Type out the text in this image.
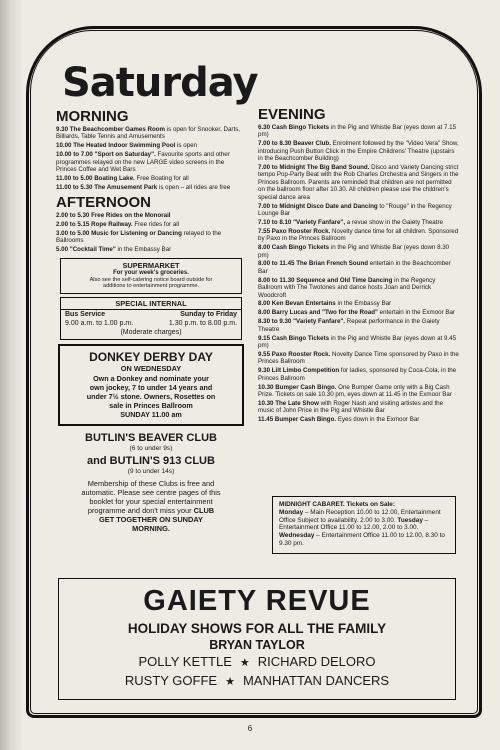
Saturday
MORNING
9.30 The Beachcomber Games Room is open for Snooker, Darts, Billiards, Table Tennis and Amusements
10.00 The Heated Indoor Swimming Pool is open
10.00 to 7.00 "Sport on Saturday". Favourite sports and other programmes relayed on the new LARGE video screens in the Princes Coffee and Wet Bars
11.00 to 5.00 Boating Lake. Free Boating for all
11.00 to 5.30 The Amusement Park is open – all rides are free
AFTERNOON
2.00 to 5.30 Free Rides on the Monorail
2.00 to 5.15 Rope Railway. Free rides for all
3.00 to 5.00 Music for Listening or Dancing relayed to the Ballrooms
5.00 "Cocktail Time" in the Embassy Bar
SUPERMARKET
For your week's groceries.
Also see the self-catering notice board outside for
additions to entertainment programme.
SPECIAL INTERNAL
Bus Service	Sunday to Friday
9.00 a.m. to 1.00 p.m.	1.30 p.m. to 8.00 p.m.
(Moderate charges)
DONKEY DERBY DAY
ON WEDNESDAY
Own a Donkey and nominate your
own jockey, 7 to under 14 years and
under 7½ stone. Owners, Rosettes on
sale in Princes Ballroom
SUNDAY 11.00 am
BUTLIN'S BEAVER CLUB
(6 to under 9s)
and BUTLIN'S 913 CLUB
(9 to under 14s)
Membership of these Clubs is free and
automatic. Please see centre pages of this
booklet for your special entertainment
programme and don't miss your CLUB
GET TOGETHER ON SUNDAY
MORNING.
EVENING
6.30 Cash Bingo Tickets in the Pig and Whistle Bar (eyes down at 7.15 pm)
7.00 to 8.30 Beaver Club. Enrolment followed by the "Video Vera" Show, introducing Push Button Click in the Empire Childrens' Theatre (upstairs in the Beachcomber Building)
7.00 to Midnight The Big Band Sound. Disco and Variety Dancing strict tempo Pop-Party Beat with the Rob Charles Orchestra and Singers in the Princes Ballroom. Parents are reminded that children are not permitted on the ballroom floor after 10.30. All children please use the children's special dance area
7.00 to Midnight Disco Date and Dancing to "Rouge" in the Regency Lounge Bar
7.10 to 8.10 "Variety Fanfare", a revue show in the Gaiety Theatre
7.55 Paxo Rooster Rock. Novelty dance time for all children. Sponsored by Paxo in the Princes Ballroom
8.00 Cash Bingo Tickets in the Pig and Whistle Bar (eyes down 8.30 pm)
8.00 to 11.45 The Brian French Sound entertain in the Beachcomber Bar
8.00 to 11.30 Sequence and Old Time Dancing in the Regency Ballroom with The Twotones and dance hosts Joan and Derrick Woodcroft
8.00 Ken Bevan Entertains in the Embassy Bar
8.00 Barry Lucas and "Two for the Road" entertain in the Exmoor Bar
8.30 to 9.30 "Variety Fanfare". Repeat performance in the Gaiety Theatre
9.15 Cash Bingo Tickets in the Pig and Whistle Bar (eyes down at 9.45 pm)
9.55 Paxo Rooster Rock. Novelty Dance Time sponsored by Paxo in the Princes Ballroom
9.30 Lilt Limbo Competition for ladies, sponsored by Coca-Cola, in the Princes Ballroom
10.30 Bumper Cash Bingo. One Bumper Game only with a Big Cash Prize. Tickets on sale 10.30 pm, eyes down at 11.45 in the Exmoor Bar
10.30 The Late Show with Roger Nash and visiting artistes and the music of John Price in the Pig and Whistle Bar
11.45 Bumper Cash Bingo. Eyes down in the Exmoor Bar
MIDNIGHT CABARET. Tickets on Sale:
Monday – Main Reception 10.00 to 12.00, Entertainment Office Subject to availability. 2.00 to 3.00. Tuesday – Entertainment Office 11.00 to 12.00, 2.00 to 3.00. Wednesday – Entertainment Office 11.00 to 12.00, 8.30 to 9.30 pm.
GAIETY REVUE
HOLIDAY SHOWS FOR ALL THE FAMILY
BRYAN TAYLOR
POLLY KETTLE ★ RICHARD DELORO
RUSTY GOFFE ★ MANHATTAN DANCERS
6
